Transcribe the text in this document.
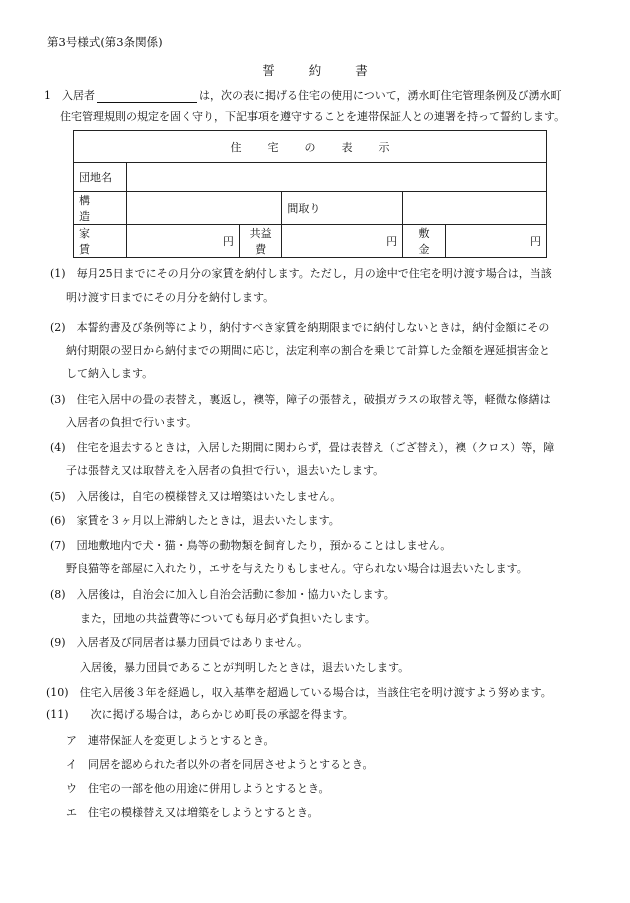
第3号様式(第3条関係)
誓約書
1　入居者	は，次の表に掲げる住宅の使用について，湧水町住宅管理条例及び湧水町
住宅管理規則の規定を固く守り，下記事項を遵守することを連帯保証人との連署を持って誓約します。
住宅の表示					
団地名					
構　造			間取り		
家　賃	円	共益費	円	敷　金	円
(1)　毎月25日までにその月分の家賃を納付します。ただし，月の途中で住宅を明け渡す場合は，当該
明け渡す日までにその月分を納付します。
(2)　本誓約書及び条例等により，納付すべき家賃を納期限までに納付しないときは，納付金額にその
納付期限の翌日から納付までの期間に応じ，法定利率の割合を乗じて計算した金額を遅延損害金と
して納入します。
(3)　住宅入居中の畳の表替え，裏返し，襖等，障子の張替え，破損ガラスの取替え等，軽微な修繕は
入居者の負担で行います。
(4)　住宅を退去するときは，入居した期間に関わらず，畳は表替え（ござ替え），襖（クロス）等，障
子は張替え又は取替えを入居者の負担で行い，退去いたします。
(5)　入居後は，自宅の模様替え又は増築はいたしません。
(6)　家賃を３ヶ月以上滞納したときは，退去いたします。
(7)　団地敷地内で犬・猫・鳥等の動物類を飼育したり，預かることはしません。
野良猫等を部屋に入れたり，エサを与えたりもしません。守られない場合は退去いたします。
(8)　入居後は，自治会に加入し自治会活動に参加・協力いたします。
また，団地の共益費等についても毎月必ず負担いたします。
(9)　入居者及び同居者は暴力団員ではありません。
入居後，暴力団員であることが判明したときは，退去いたします。
(10)　住宅入居後３年を経過し，収入基準を超過している場合は，当該住宅を明け渡すよう努めます。
(11)　　次に掲げる場合は，あらかじめ町長の承認を得ます。
ア　連帯保証人を変更しようとするとき。
イ　同居を認められた者以外の者を同居させようとするとき。
ウ　住宅の一部を他の用途に併用しようとするとき。
エ　住宅の模様替え又は増築をしようとするとき。
